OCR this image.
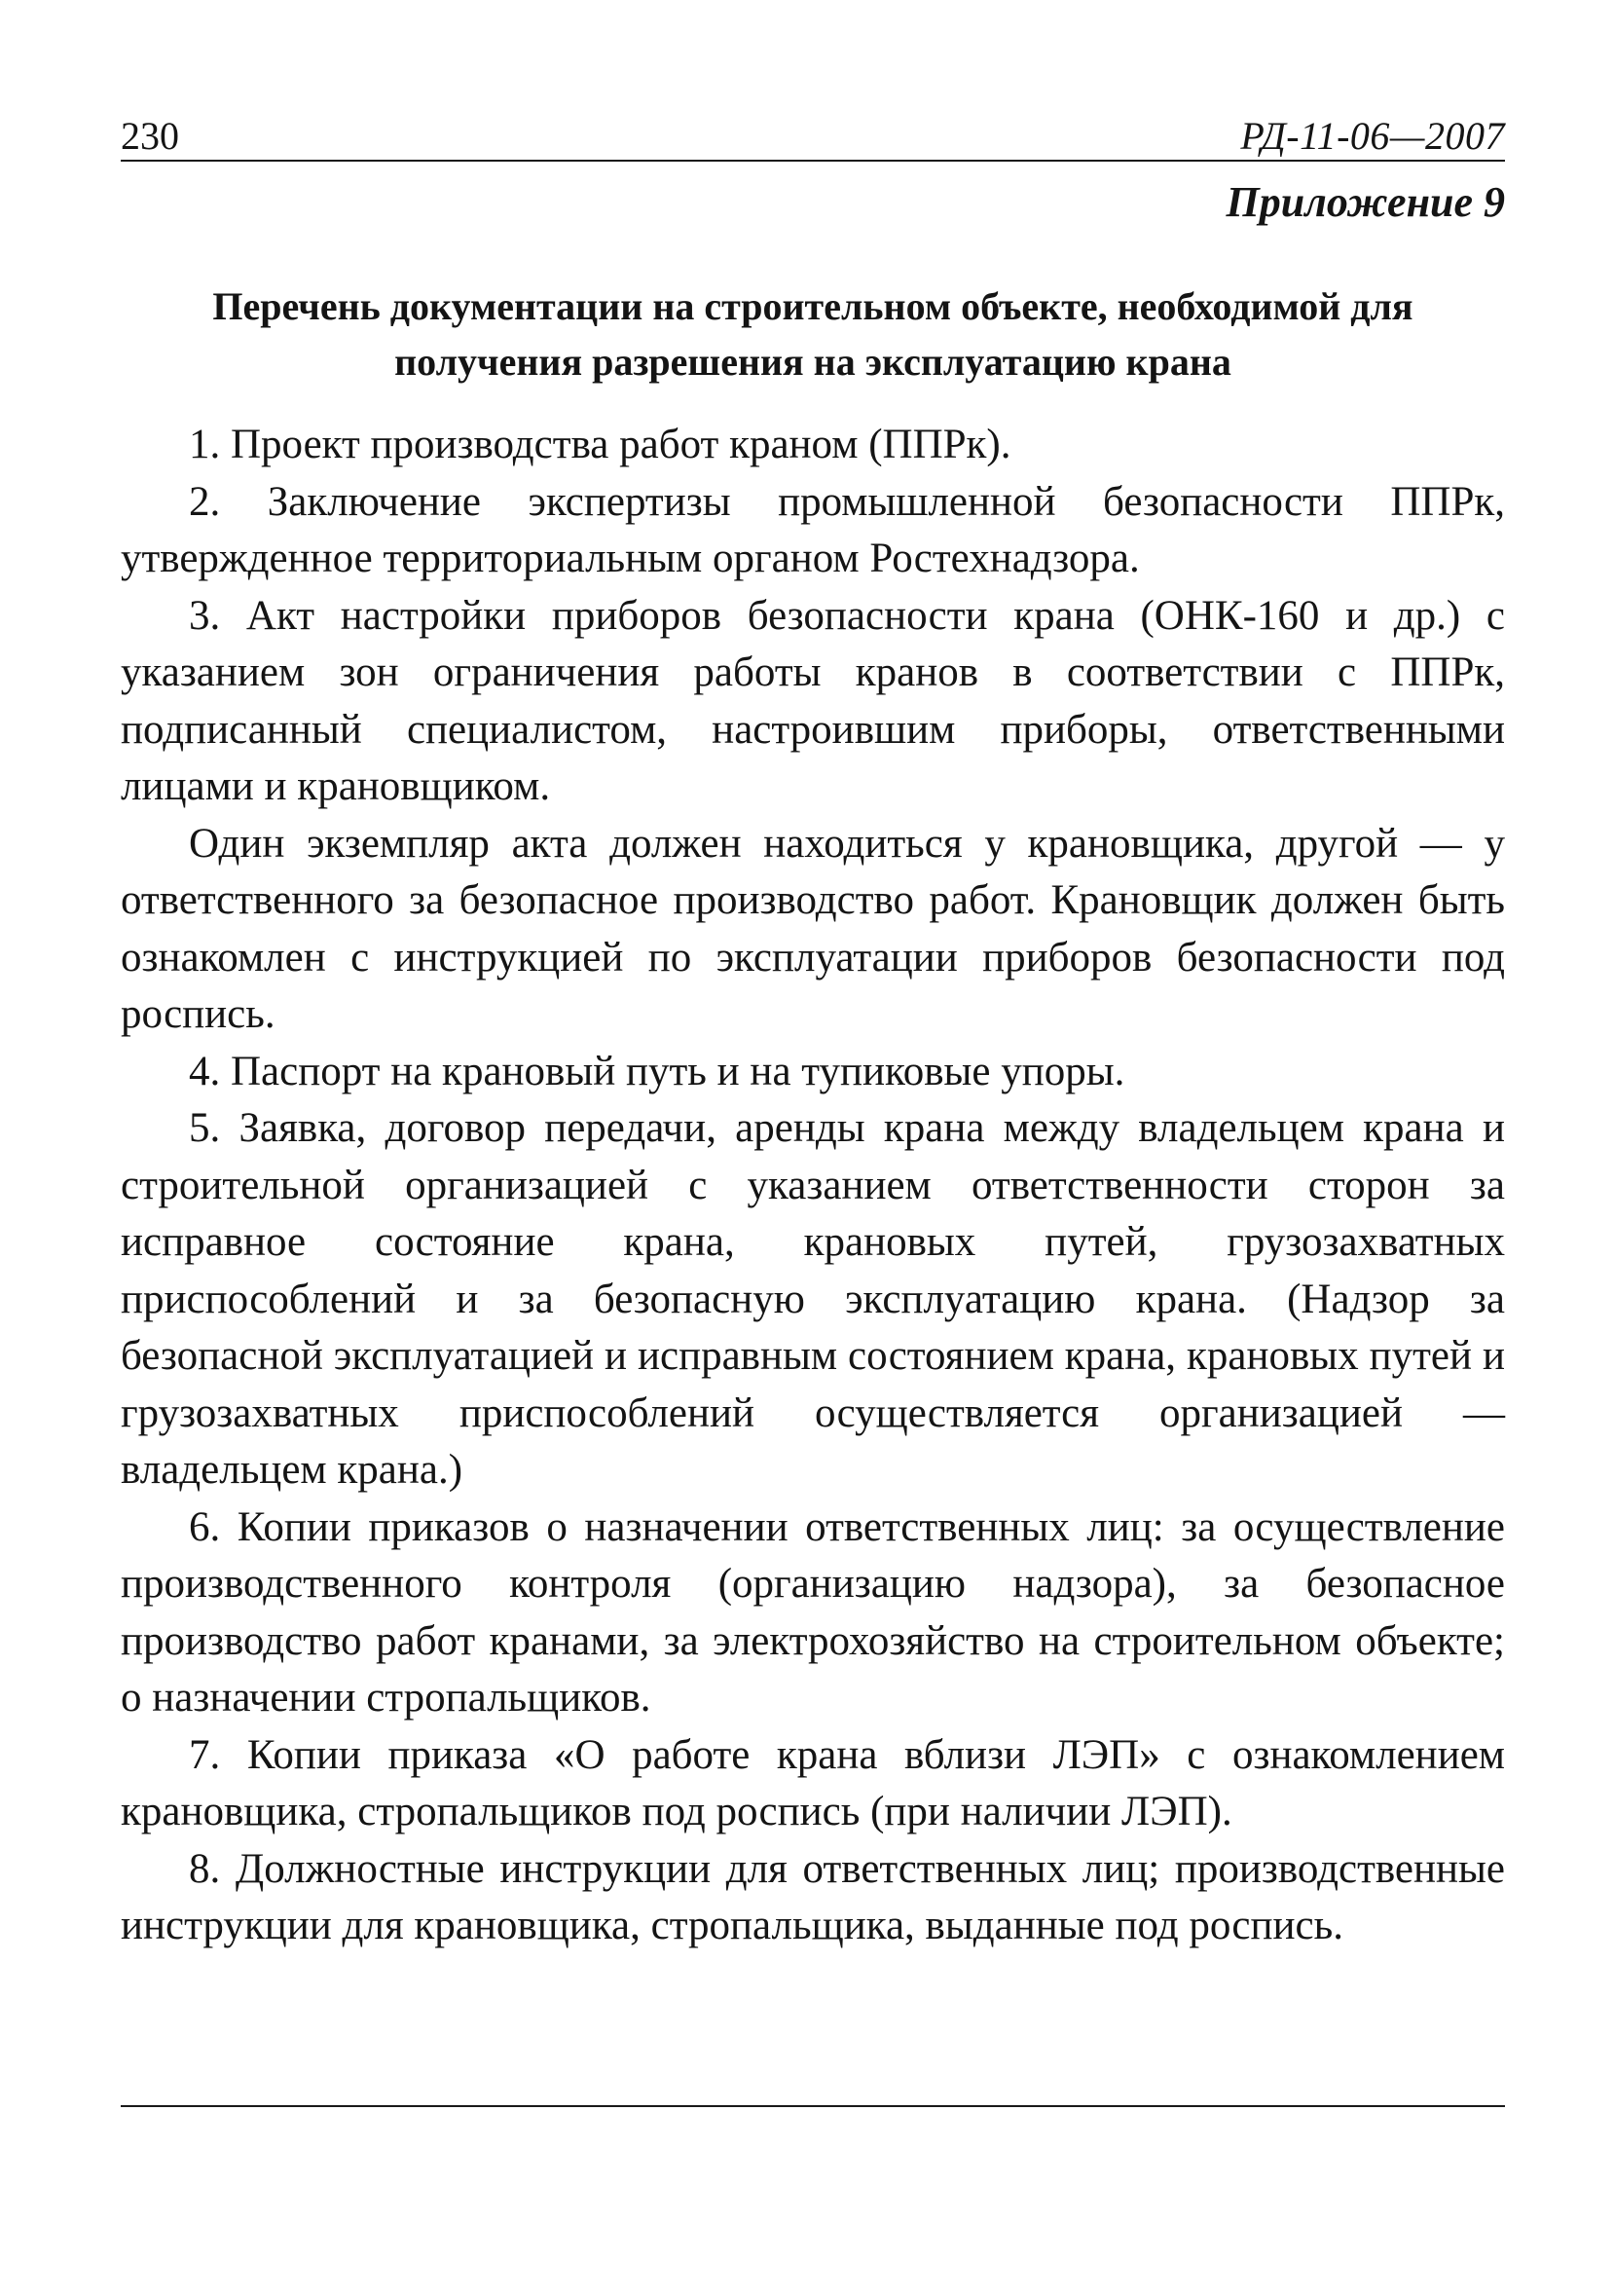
230	РД-11-06—2007
Приложение 9
Перечень документации на строительном объекте, необходимой для получения разрешения на эксплуатацию крана

1. Проект производства работ краном (ППРк).

2. Заключение экспертизы промышленной безопасности ППРк, утвержденное территориальным органом Ростехнадзора.

3. Акт настройки приборов безопасности крана (ОНК-160 и др.) с указанием зон ограничения работы кранов в соответствии с ППРк, подписанный специалистом, настроившим приборы, ответственными лицами и крановщиком.

Один экземпляр акта должен находиться у крановщика, другой — у ответственного за безопасное производство работ. Крановщик должен быть ознакомлен с инструкцией по эксплуатации приборов безопасности под роспись.

4. Паспорт на крановый путь и на тупиковые упоры.

5. Заявка, договор передачи, аренды крана между владельцем крана и строительной организацией с указанием ответственности сторон за исправное состояние крана, крановых путей, грузозахватных приспособлений и за безопасную эксплуатацию крана. (Надзор за безопасной эксплуатацией и исправным состоянием крана, крановых путей и грузозахватных приспособлений осуществляется организацией — владельцем крана.)

6. Копии приказов о назначении ответственных лиц: за осуществление производственного контроля (организацию надзора), за безопасное производство работ кранами, за электрохозяйство на строительном объекте; о назначении стропальщиков.

7. Копии приказа «О работе крана вблизи ЛЭП» с ознакомлением крановщика, стропальщиков под роспись (при наличии ЛЭП).

8. Должностные инструкции для ответственных лиц; производственные инструкции для крановщика, стропальщика, выданные под роспись.
